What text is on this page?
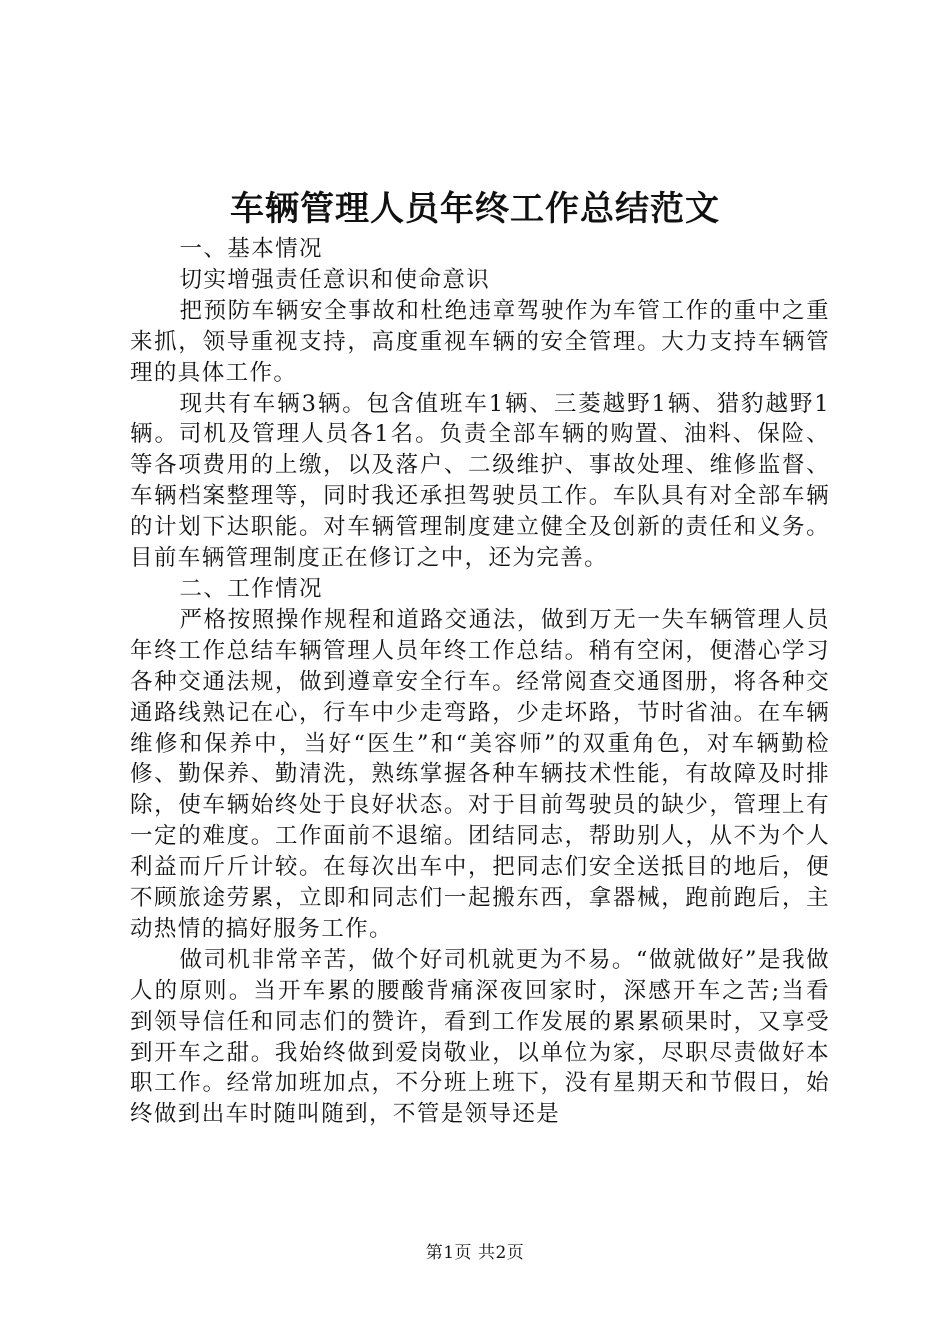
车辆管理人员年终工作总结范文

一、基本情况

切实增强责任意识和使命意识

把预防车辆安全事故和杜绝违章驾驶作为车管工作的重中之重来抓，领导重视支持，高度重视车辆的安全管理。大力支持车辆管理的具体工作。

现共有车辆3辆。包含值班车1辆、三菱越野1辆、猎豹越野1辆。司机及管理人员各1名。负责全部车辆的购置、油料、保险、等各项费用的上缴，以及落户、二级维护、事故处理、维修监督、车辆档案整理等，同时我还承担驾驶员工作。车队具有对全部车辆的计划下达职能。对车辆管理制度建立健全及创新的责任和义务。目前车辆管理制度正在修订之中，还为完善。

二、工作情况

严格按照操作规程和道路交通法，做到万无一失车辆管理人员年终工作总结车辆管理人员年终工作总结。稍有空闲，便潜心学习各种交通法规，做到遵章安全行车。经常阅查交通图册，将各种交通路线熟记在心，行车中少走弯路，少走坏路，节时省油。在车辆维修和保养中，当好“医生”和“美容师”的双重角色，对车辆勤检修、勤保养、勤清洗，熟练掌握各种车辆技术性能，有故障及时排除，使车辆始终处于良好状态。对于目前驾驶员的缺少，管理上有一定的难度。工作面前不退缩。团结同志，帮助别人，从不为个人利益而斤斤计较。在每次出车中，把同志们安全送抵目的地后，便不顾旅途劳累，立即和同志们一起搬东西，拿器械，跑前跑后，主动热情的搞好服务工作。

做司机非常辛苦，做个好司机就更为不易。“做就做好”是我做人的原则。当开车累的腰酸背痛深夜回家时，深感开车之苦;当看到领导信任和同志们的赞许，看到工作发展的累累硕果时，又享受到开车之甜。我始终做到爱岗敬业，以单位为家，尽职尽责做好本职工作。经常加班加点，不分班上班下，没有星期天和节假日，始终做到出车时随叫随到，不管是领导还是

第1页 共2页
